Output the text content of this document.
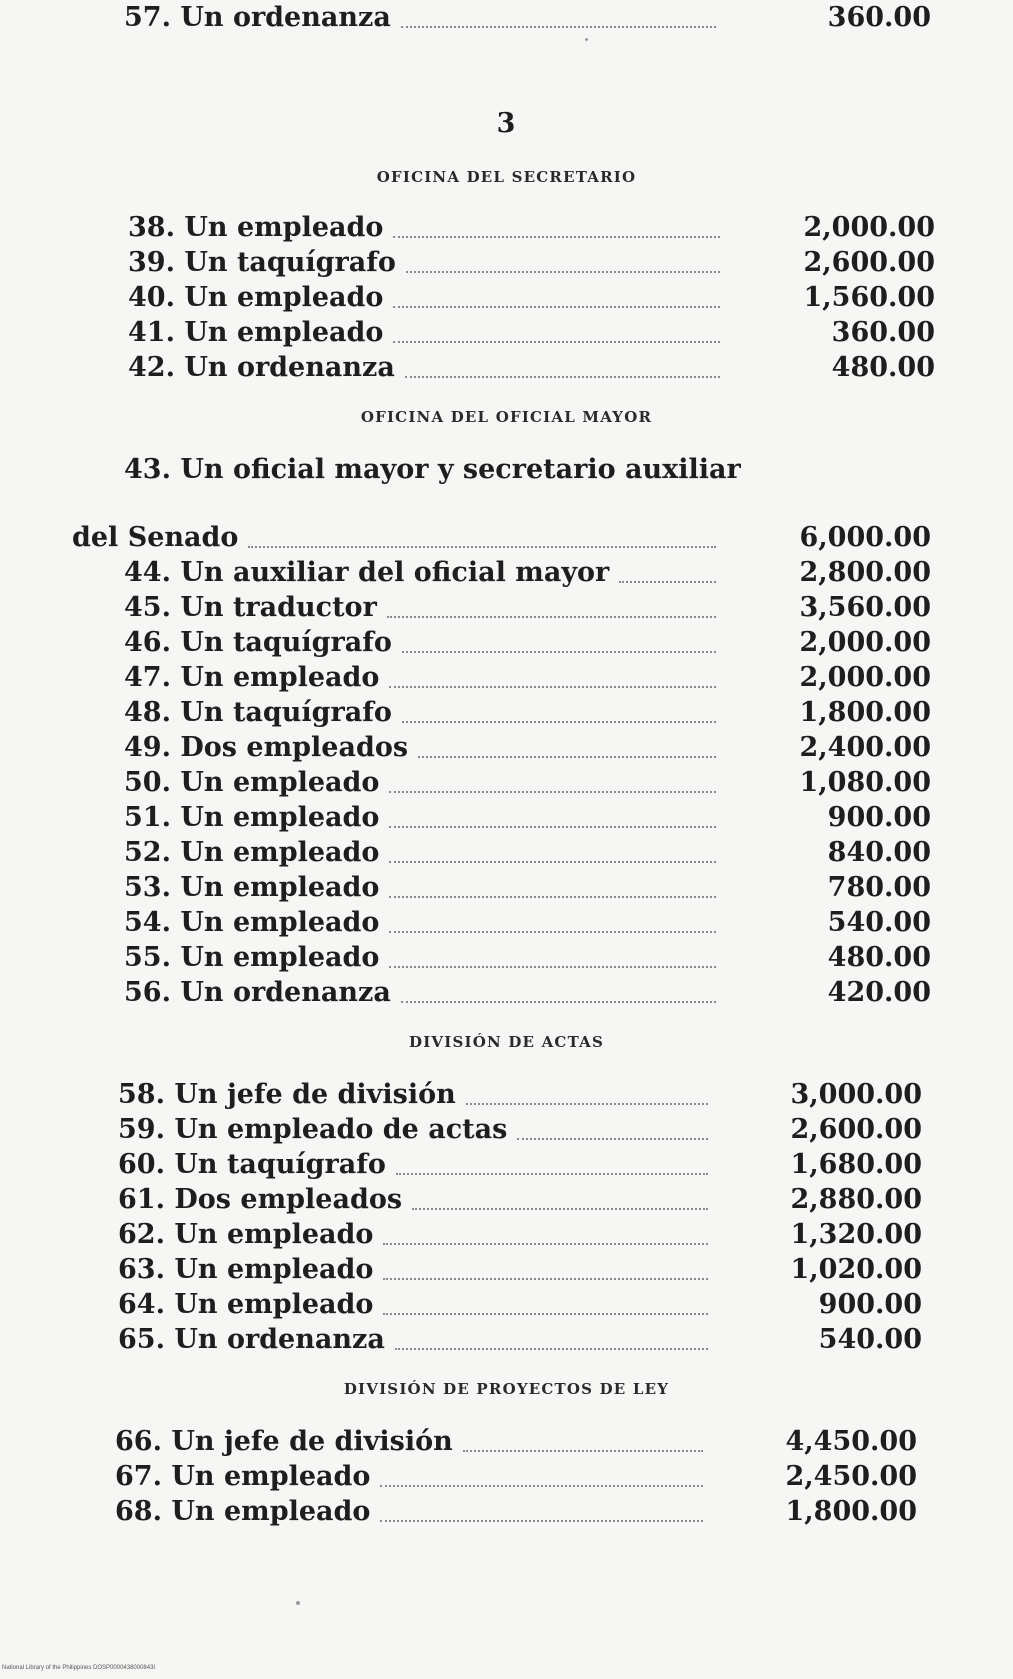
3
OFICINA DEL SECRETARIO
38. Un empleado	2,000.00
39. Un taquígrafo	2,600.00
40. Un empleado	1,560.00
41. Un empleado	360.00
42. Un ordenanza	480.00
OFICINA DEL OFICIAL MAYOR
43. Un oficial mayor y secretario auxiliar
del Senado	6,000.00
44. Un auxiliar del oficial mayor	2,800.00
45. Un traductor	3,560.00
46. Un taquígrafo	2,000.00
47. Un empleado	2,000.00
48. Un taquígrafo	1,800.00
49. Dos empleados	2,400.00
50. Un empleado	1,080.00
51. Un empleado	900.00
52. Un empleado	840.00
53. Un empleado	780.00
54. Un empleado	540.00
55. Un empleado	480.00
56. Un ordenanza	420.00
57. Un ordenanza	360.00
DIVISIÓN DE ACTAS
58. Un jefe de división	3,000.00
59. Un empleado de actas	2,600.00
60. Un taquígrafo	1,680.00
61. Dos empleados	2,880.00
62. Un empleado	1,320.00
63. Un empleado	1,020.00
64. Un empleado	900.00
65. Un ordenanza	540.00
DIVISIÓN DE PROYECTOS DE LEY
66. Un jefe de división	4,450.00
67. Un empleado	2,450.00
68. Un empleado	1,800.00
National Library of the Philippines DOSP0000438000843I
